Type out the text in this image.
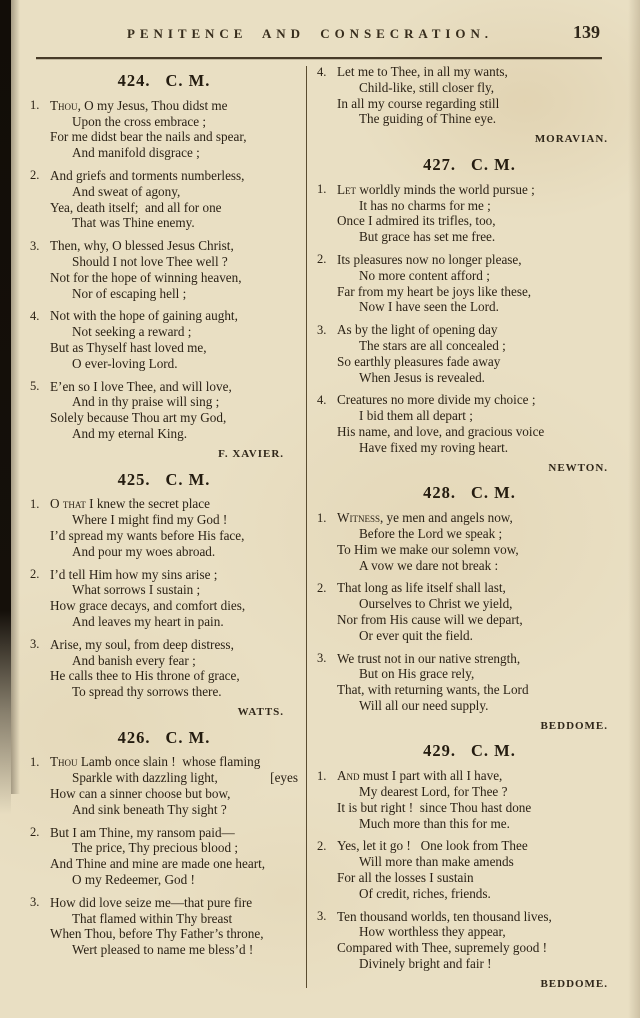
PENITENCE AND CONSECRATION.	139
424. C. M.
1. Thou, O my Jesus, Thou didst me
Upon the cross embrace ;
For me didst bear the nails and spear,
And manifold disgrace ;
2. And griefs and torments numberless,
And sweat of agony,
Yea, death itself;  and all for one
That was Thine enemy.
3. Then, why, O blessed Jesus Christ,
Should I not love Thee well ?
Not for the hope of winning heaven,
Nor of escaping hell ;
4. Not with the hope of gaining aught,
Not seeking a reward ;
But as Thyself hast loved me,
O ever-loving Lord.
5. E’en so I love Thee, and will love,
And in thy praise will sing ;
Solely because Thou art my God,
And my eternal King.
F. XAVIER.
425. C. M.
1. O that I knew the secret place
Where I might find my God !
I’d spread my wants before His face,
And pour my woes abroad.
2. I’d tell Him how my sins arise ;
What sorrows I sustain ;
How grace decays, and comfort dies,
And leaves my heart in pain.
3. Arise, my soul, from deep distress,
And banish every fear ;
He calls thee to His throne of grace,
To spread thy sorrows there.
WATTS.
426. C. M.
1. Thou Lamb once slain !  whose flaming
Sparkle with dazzling light,	[eyes
How can a sinner choose but bow,
And sink beneath Thy sight ?
2. But I am Thine, my ransom paid—
The price, Thy precious blood ;
And Thine and mine are made one heart,
O my Redeemer, God !
3. How did love seize me—that pure fire
That flamed within Thy breast
When Thou, before Thy Father’s throne,
Wert pleased to name me bless’d !
4. Let me to Thee, in all my wants,
Child-like, still closer fly,
In all my course regarding still
The guiding of Thine eye.
MORAVIAN.
427. C. M.
1. Let worldly minds the world pursue ;
It has no charms for me ;
Once I admired its trifles, too,
But grace has set me free.
2. Its pleasures now no longer please,
No more content afford ;
Far from my heart be joys like these,
Now I have seen the Lord.
3. As by the light of opening day
The stars are all concealed ;
So earthly pleasures fade away
When Jesus is revealed.
4. Creatures no more divide my choice ;
I bid them all depart ;
His name, and love, and gracious voice
Have fixed my roving heart.
NEWTON.
428. C. M.
1. Witness, ye men and angels now,
Before the Lord we speak ;
To Him we make our solemn vow,
A vow we dare not break :
2. That long as life itself shall last,
Ourselves to Christ we yield,
Nor from His cause will we depart,
Or ever quit the field.
3. We trust not in our native strength,
But on His grace rely,
That, with returning wants, the Lord
Will all our need supply.
BEDDOME.
429. C. M.
1. And must I part with all I have,
My dearest Lord, for Thee ?
It is but right !  since Thou hast done
Much more than this for me.
2. Yes, let it go !   One look from Thee
Will more than make amends
For all the losses I sustain
Of credit, riches, friends.
3. Ten thousand worlds, ten thousand lives,
How worthless they appear,
Compared with Thee, supremely good !
Divinely bright and fair !
BEDDOME.
